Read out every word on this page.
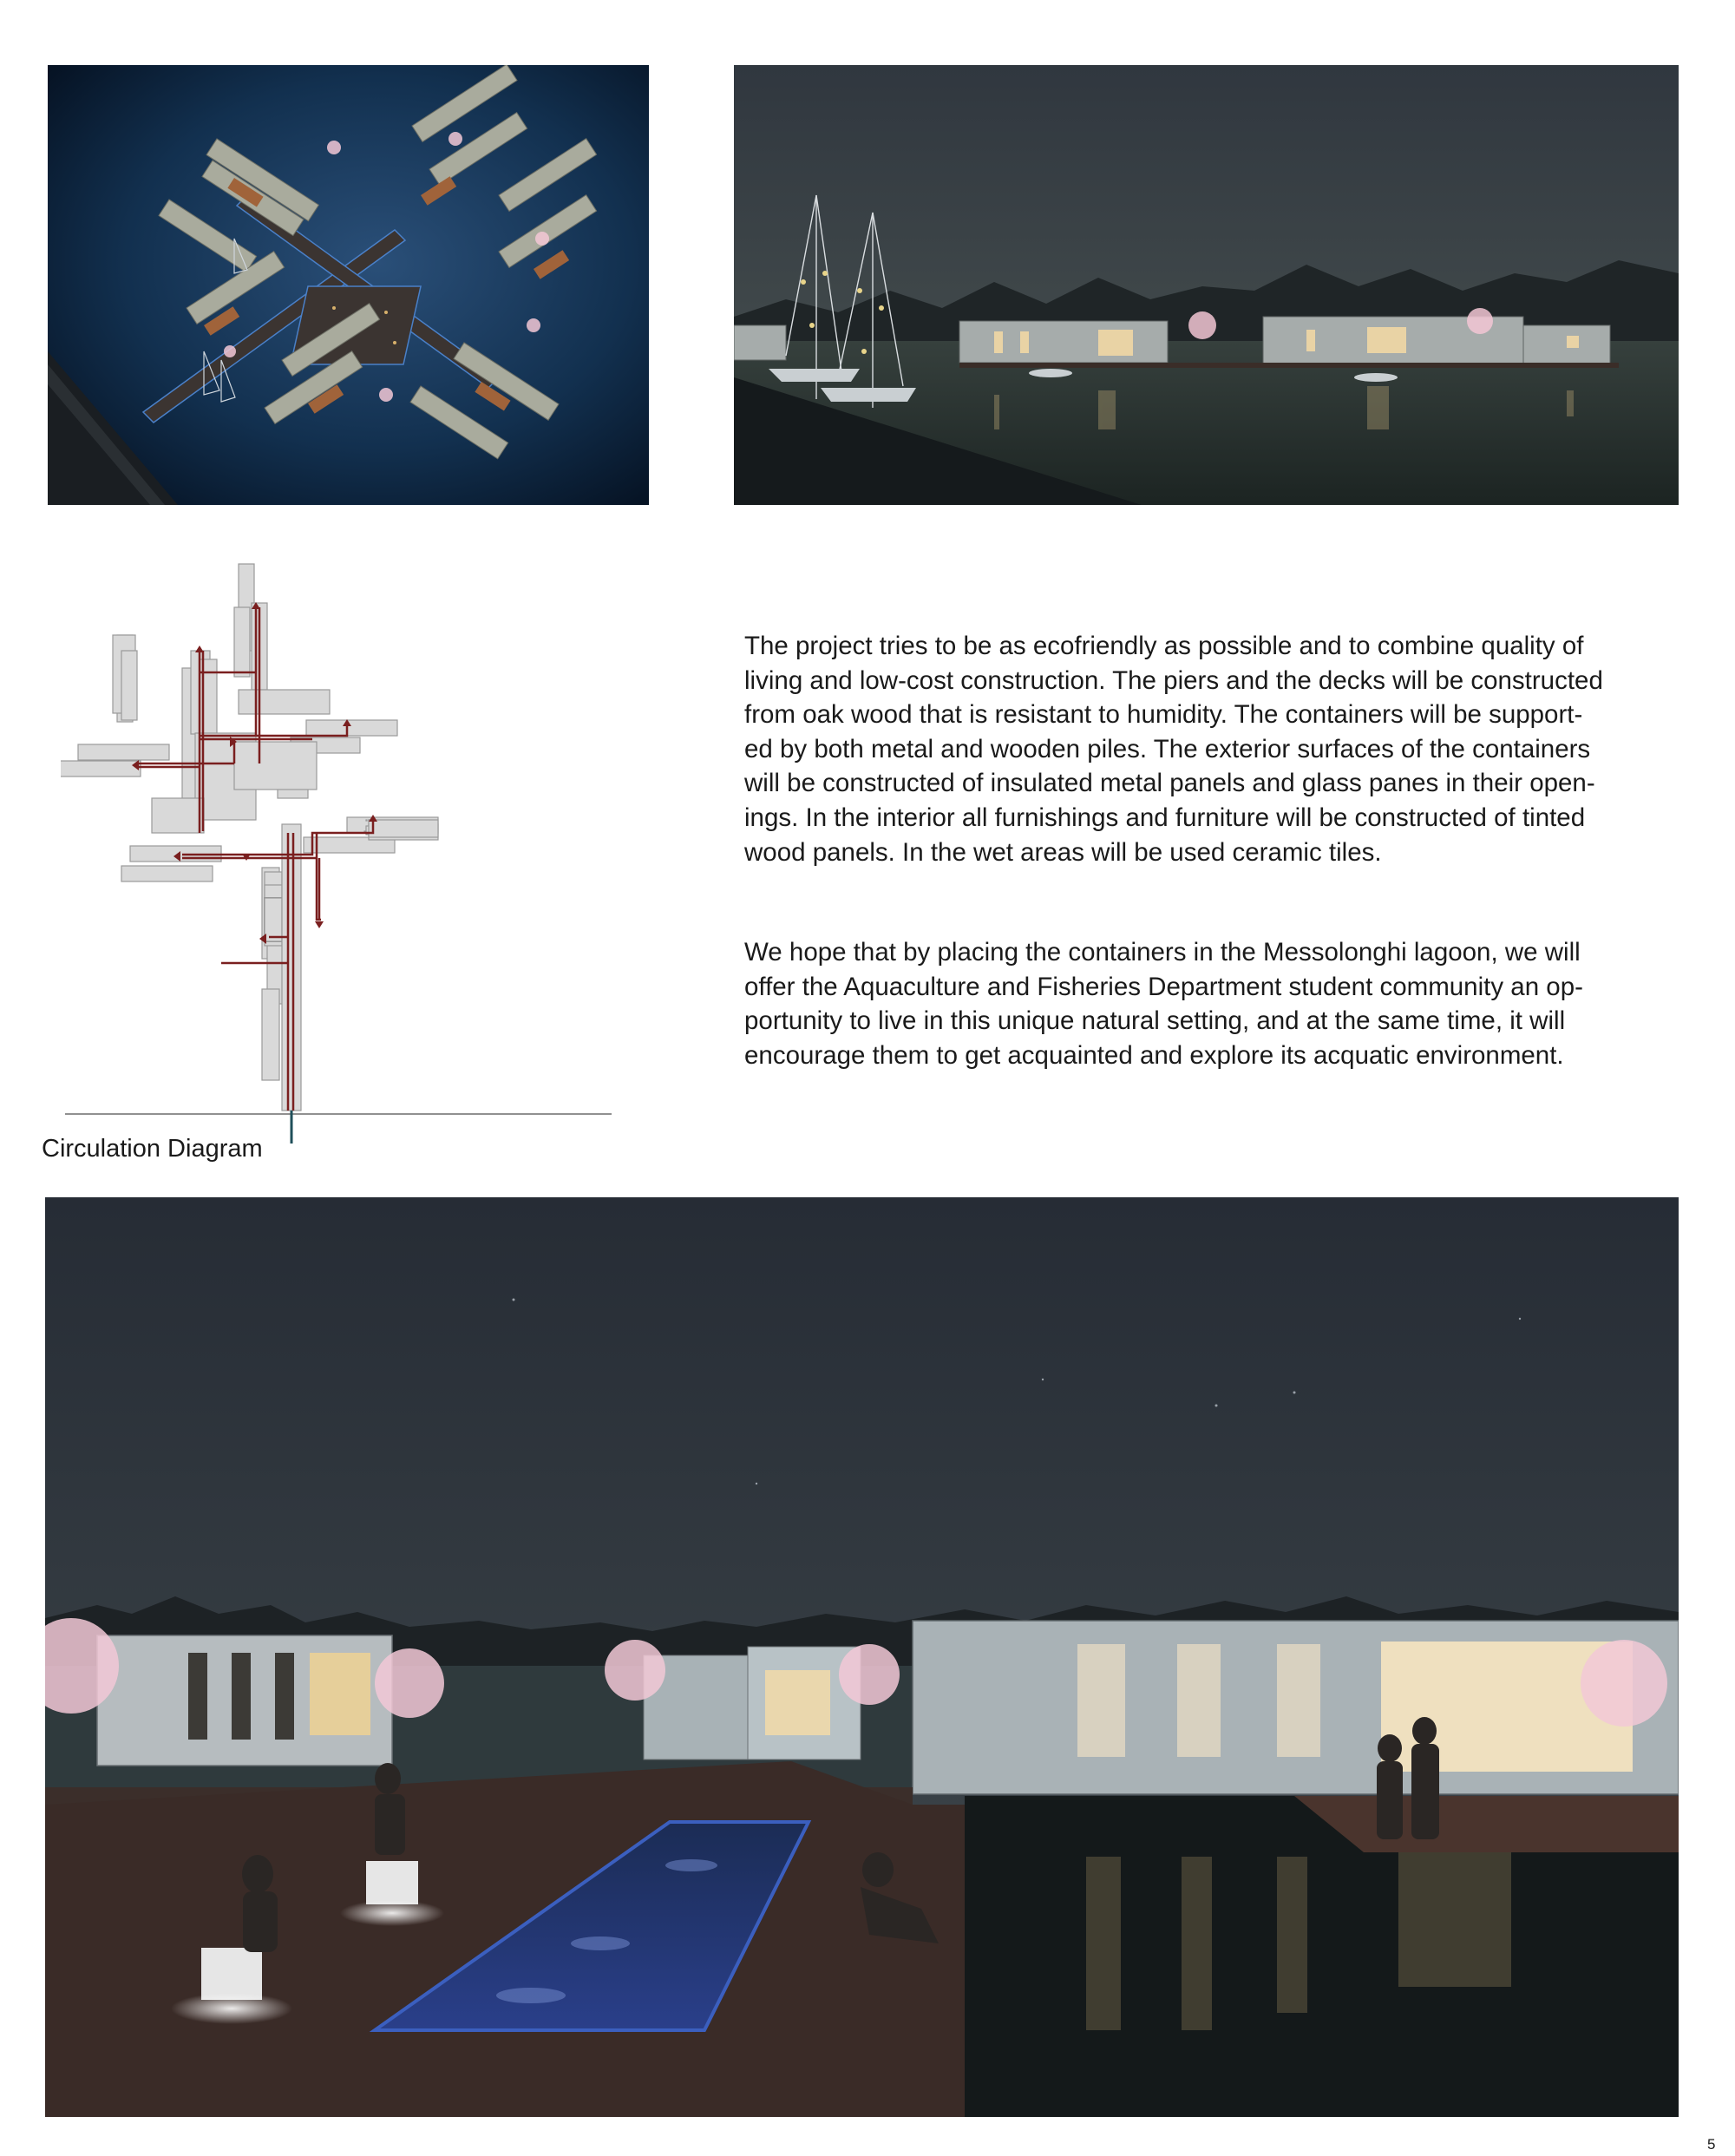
Circulation Diagram

The project tries to be as ecofriendly as possible and to combine quality of
living and low-cost construction. The piers and the decks will be constructed
from oak wood that is resistant to humidity. The containers will be support-
ed by both metal and wooden piles. The exterior surfaces of the containers
will be constructed of insulated metal panels and glass panes in their open-
ings. In the interior all furnishings and furniture will be constructed of tinted
wood panels. In the wet areas will be used ceramic tiles.

We hope that by placing the containers in the Messolonghi lagoon, we will
offer the Aquaculture and Fisheries Department student community an op-
portunity to live in this unique natural setting, and at the same time, it will
encourage them to get acquainted and explore its acquatic environment.

5
